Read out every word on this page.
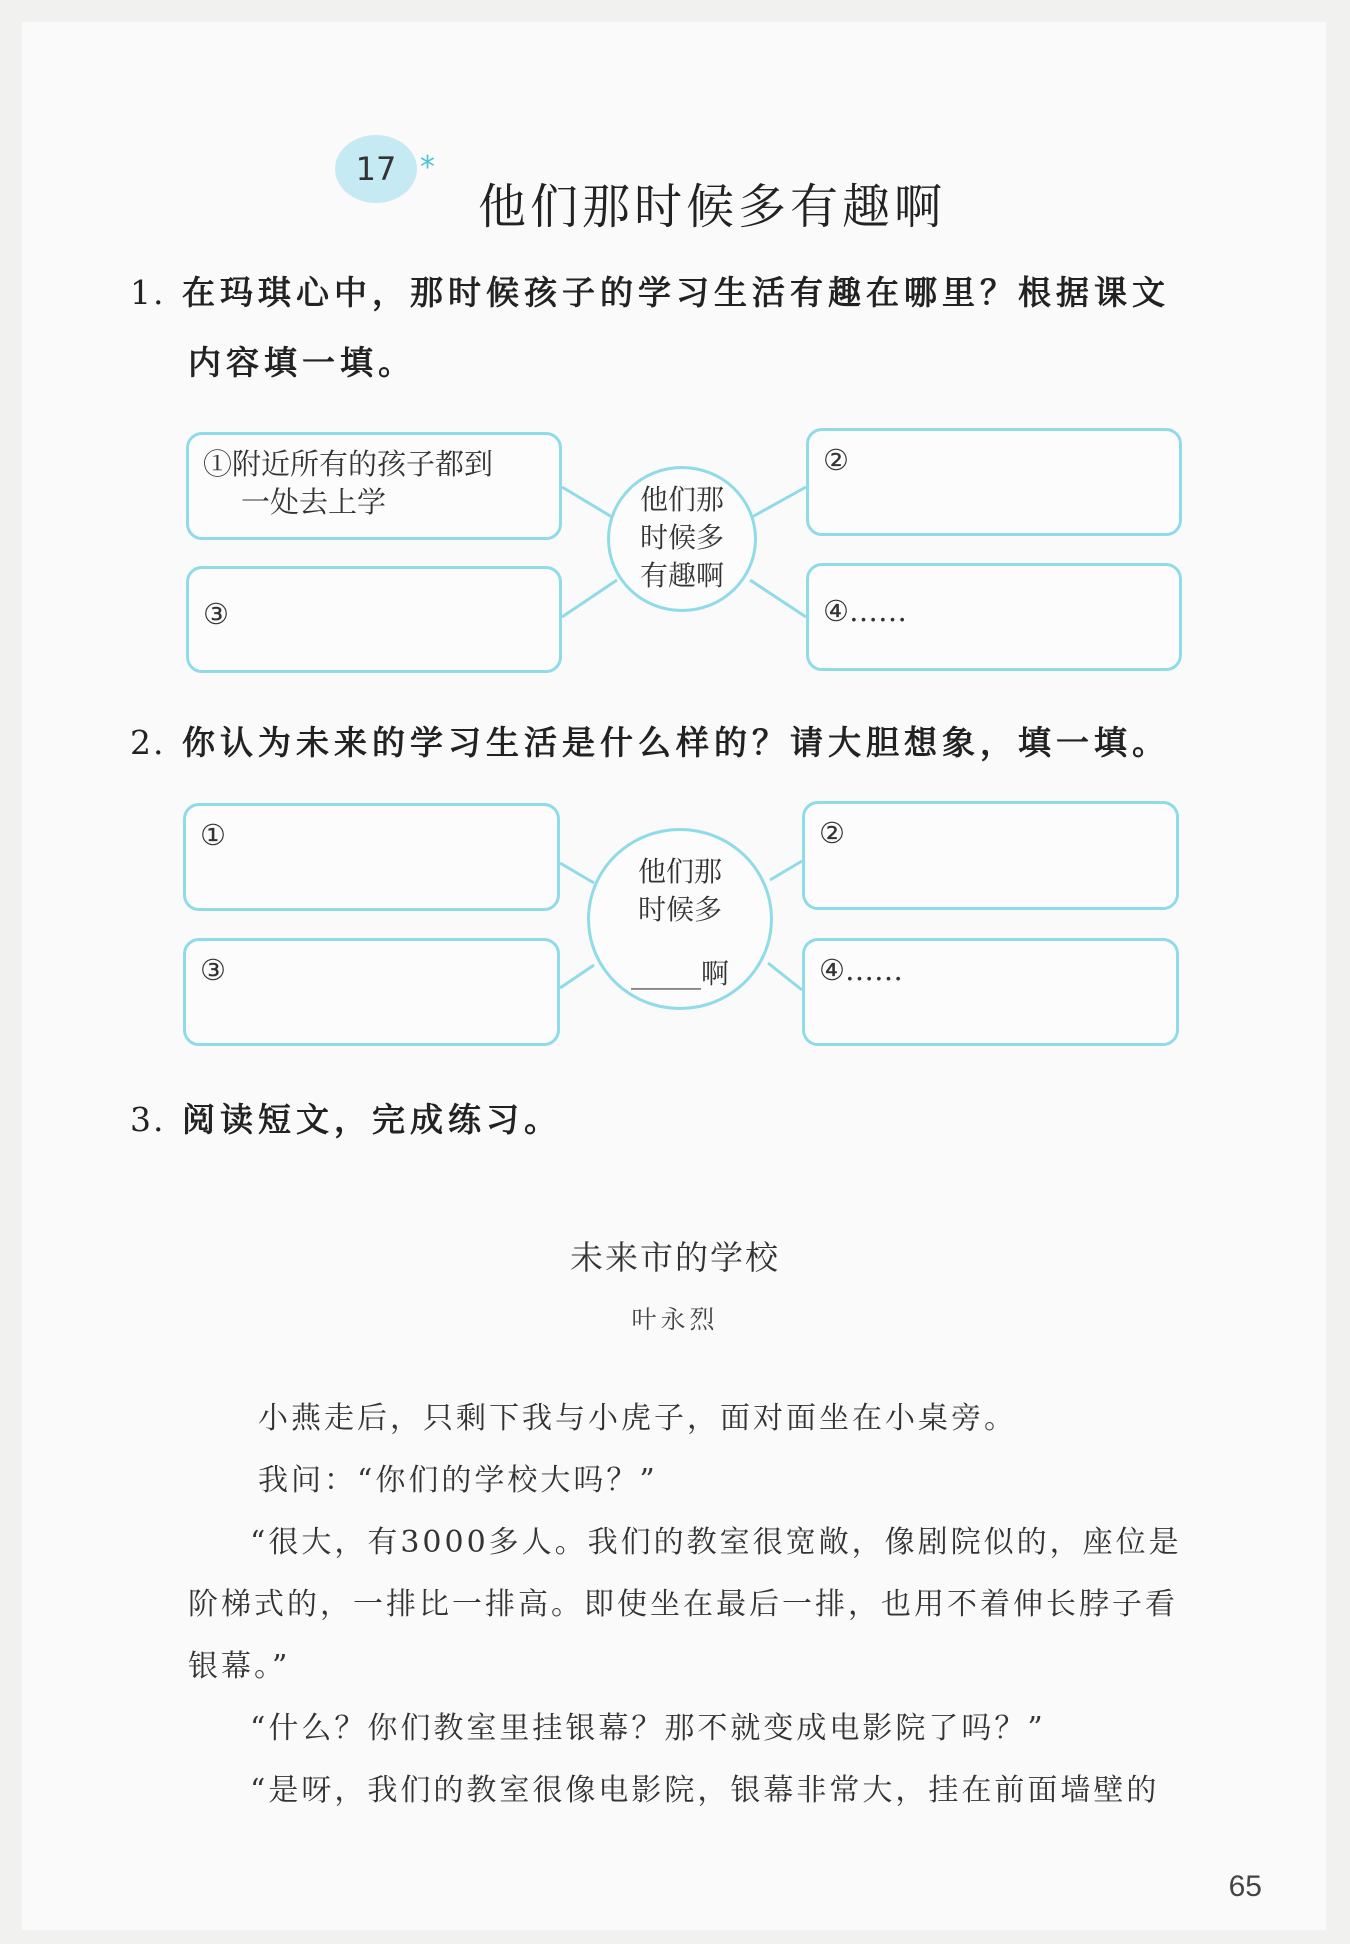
17 *
他们那时候多有趣啊
1. 在玛琪心中，那时候孩子的学习生活有趣在哪里？根据课文
内容填一填。
①附近所有的孩子都到
一处去上学
③
②
④……
他们那
时候多
有趣啊
2. 你认为未来的学习生活是什么样的？请大胆想象，填一填。
①
③
②
④……
他们那
时候多
_____啊
3. 阅读短文，完成练习。
未来市的学校
叶永烈
小燕走后，只剩下我与小虎子，面对面坐在小桌旁。
我问：“你们的学校大吗？”
“很大，有3000多人。我们的教室很宽敞，像剧院似的，座位是
阶梯式的，一排比一排高。即使坐在最后一排，也用不着伸长脖子看
银幕。”
“什么？你们教室里挂银幕？那不就变成电影院了吗？”
“是呀，我们的教室很像电影院，银幕非常大，挂在前面墙壁的
65
